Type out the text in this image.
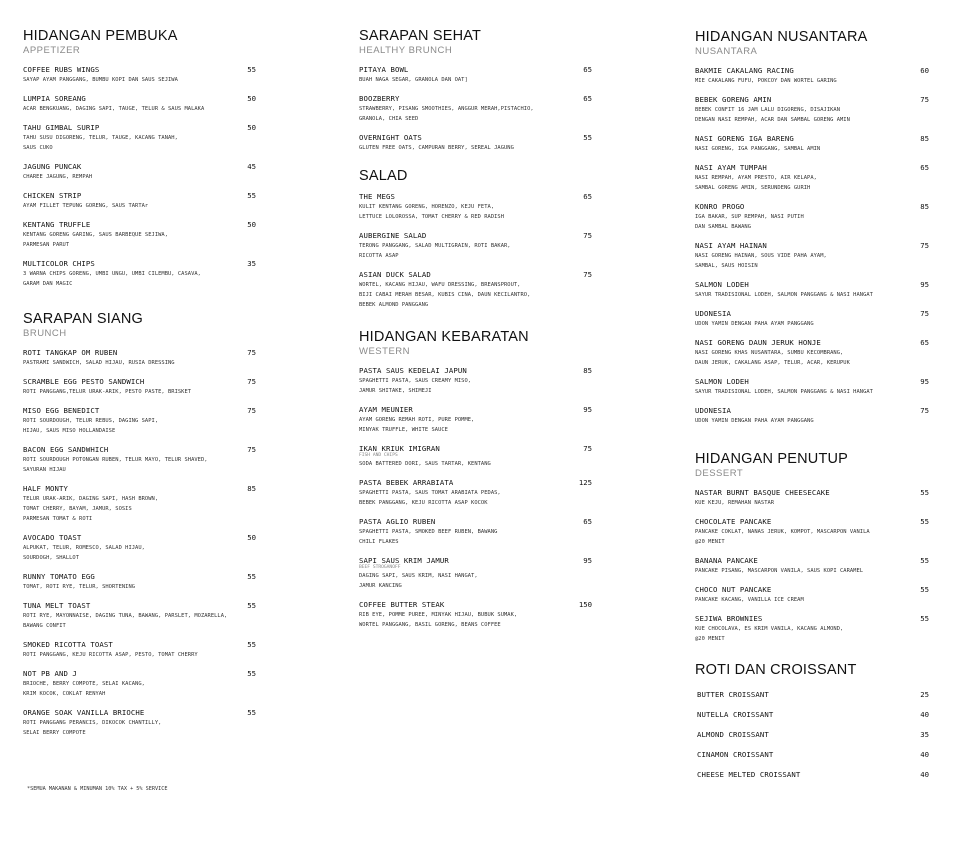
HIDANGAN PEMBUKA
APPETIZER
COFFEE RUBS WINGS	55
SAYAP AYAM PANGGANG, BUMBU KOPI DAN SAUS SEJIWA
LUMPIA SOREANG	50
ACAR BENGKUANG, DAGING SAPI, TAUGE, TELUR & SAUS MALAKA
TAHU GIMBAL SURIP	50
TAHU SUSU DIGORENG, TELUR, TAUGE, KACANG TANAH,
SAUS CUKO
JAGUNG PUNCAK	45
CHAREE JAGUNG, REMPAH
CHICKEN STRIP	55
AYAM FILLET TEPUNG GORENG, SAUS TARTAr
KENTANG TRUFFLE	50
KENTANG GORENG GARING, SAUS BARBEQUE SEJIWA,
PARMESAN PARUT
MULTICOLOR CHIPS	35
3 WARNA CHIPS GORENG, UMBI UNGU, UMBI CILEMBU, CASAVA,
GARAM DAN MAGIC
SARAPAN SIANG
BRUNCH
ROTI TANGKAP OM RUBEN	75
PASTRAMI SANDWICH, SALAD HIJAU, RUSIA DRESSING
SCRAMBLE EGG PESTO SANDWICH	75
ROTI PANGGANG,TELUR URAK-ARIK, PESTO PASTE, BRISKET
MISO EGG BENEDICT	75
ROTI SOURDOUGH, TELUR REBUS, DAGING SAPI,
HIJAU, SAUS MISO HOLLANDAISE
BACON EGG SANDWHICH	75
ROTI SOURDOUGH POTONGAN RUBEN, TELUR MAYO, TELUR SHAVED,
SAYURAN HIJAU
HALF MONTY	85
TELUR URAK-ARIK, DAGING SAPI, HASH BROWN,
TOMAT CHERRY, BAYAM, JAMUR, SOSIS
PARMESAN TOMAT & ROTI
AVOCADO TOAST	50
ALPUKAT, TELUR, ROMESCO, SALAD HIJAU,
SOURDOGH, SHALLOT
RUNNY TOMATO EGG	55
TOMAT, ROTI RYE, TELUR, SHORTENING
TUNA MELT TOAST	55
ROTI RYE, MAYONNAISE, DAGING TUNA, BAWANG, PARSLET, MOZARELLA,
BAWANG CONFIT
SMOKED RICOTTA TOAST	55
ROTI PANGGANG, KEJU RICOTTA ASAP, PESTO, TOMAT CHERRY
NOT PB AND J	55
BRIOCHE, BERRY COMPOTE, SELAI KACANG,
KRIM KOCOK, COKLAT RENYAH
ORANGE SOAK VANILLA BRIOCHE	55
ROTI PANGGANG PERANCIS, DIKOCOK CHANTILLY,
SELAI BERRY COMPOTE
SARAPAN SEHAT
HEALTHY BRUNCH
PITAYA BOWL	65
BUAH NAGA SEGAR, GRANOLA DAN OAT]
BOOZBERRY	65
STRAWBERRY, PISANG SMOOTHIES, ANGGUR MERAH,PISTACHIO,
GRANOLA, CHIA SEED
OVERNIGHT OATS	55
GLUTEN FREE OATS, CAMPURAN BERRY, SEREAL JAGUNG
SALAD
THE MEGS	65
KULIT KENTANG GORENG, HORENZO, KEJU FETA,
LETTUCE LOLOROSSA, TOMAT CHERRY & RED RADISH
AUBERGINE SALAD	75
TERONG PANGGANG, SALAD MULTIGRAIN, ROTI BAKAR,
RICOTTA ASAP
ASIAN DUCK SALAD	75
WORTEL, KACANG HIJAU, WAFU DRESSING, BREANSPROUT,
BIJI CABAI MERAH BESAR, KUBIS CINA, DAUN KECILANTRO,
BEBEK ALMOND PANGGANG
HIDANGAN KEBARATAN
WESTERN
PASTA SAUS KEDELAI JAPUN	85
SPAGHETTI PASTA, SAUS CREAMY MISO,
JAMUR SHITAKE, SHIMEJI
AYAM MEUNIER	95
AYAM GORENG REMAH ROTI, PURE POMME,
MINYAK TRUFFLE, WHITE SAUCE
IKAN KRIUK IMIGRAN	75
FISH AND CHIPS
SODA BATTERED DORI, SAUS TARTAR, KENTANG
PASTA BEBEK ARRABIATA	125
SPAGHETTI PASTA, SAUS TOMAT ARABIATA PEDAS,
BEBEK PANGGANG, KEJU RICOTTA ASAP KOCOK
PASTA AGLIO RUBEN	65
SPAGHETTI PASTA, SMOKED BEEF RUBEN, BAWANG
CHILI FLAKES
SAPI SAUS KRIM JAMUR	95
BEEF STROGANOFF
DAGING SAPI, SAUS KRIM, NASI HANGAT,
JAMUR KANCING
COFFEE BUTTER STEAK	150
RIB EYE, POMME PUREE, MINYAK HIJAU, BUBUK SUMAK,
WORTEL PANGGANG, BASIL GORENG, BEANS COFFEE
HIDANGAN NUSANTARA
NUSANTARA
BAKMIE CAKALANG RACING	60
MIE CAKALANG FUFU, POKCOY DAN WORTEL GARING
BEBEK GORENG AMIN	75
BEBEK CONFIT 16 JAM LALU DIGORENG, DISAJIKAN
DENGAN NASI REMPAH, ACAR DAN SAMBAL GORENG AMIN
NASI GORENG IGA BARENG	85
NASI GORENG, IGA PANGGANG, SAMBAL AMIN
NASI AYAM TUMPAH	65
NASI REMPAH, AYAM PRESTO, AIR KELAPA,
SAMBAL GORENG AMIN, SERUNDENG GURIH
KONRO PROGO	85
IGA BAKAR, SUP REMPAH, NASI PUTIH
DAN SAMBAL BAWANG
NASI AYAM HAINAN	75
NASI GORENG HAINAN, SOUS VIDE PAHA AYAM,
SAMBAL, SAUS HOISIN
SALMON LODEH	95
SAYUR TRADISIONAL LODEH, SALMON PANGGANG & NASI HANGAT
UDONESIA	75
UDON YAMIN DENGAN PAHA AYAM PANGGANG
NASI GORENG DAUN JERUK HONJE	65
NASI GORENG KHAS NUSANTARA, SUMBU KECOMBRANG,
DAUN JERUK, CAKALANG ASAP, TELUR, ACAR, KERUPUK
SALMON LODEH	95
SAYUR TRADISIONAL LODEH, SALMON PANGGANG & NASI HANGAT
UDONESIA	75
UDON YAMIN DENGAN PAHA AYAM PANGGANG
HIDANGAN PENUTUP
DESSERT
NASTAR BURNT BASQUE CHEESECAKE	55
KUE KEJU, REMAHAN NASTAR
CHOCOLATE PANCAKE	55
PANCAKE COKLAT, NANAS JERUK, KOMPOT, MASCARPON VANILA
@20 MENIT
BANANA PANCAKE	55
PANCAKE PISANG, MASCARPON VANILA, SAUS KOPI CARAMEL
CHOCO NUT PANCAKE	55
PANCAKE KACANG, VANILLA ICE CREAM
SEJIWA BROWNIES	55
KUE CHOCOLAVA, ES KRIM VANILA, KACANG ALMOND,
@20 MENIT
ROTI DAN CROISSANT
BUTTER CROISSANT	25
NUTELLA CROISSANT	40
ALMOND CROISSANT	35
CINAMON CROISSANT	40
CHEESE MELTED CROISSANT	40
*SEMUA MAKANAN & MINUMAN 10% TAX + 5% SERVICE
